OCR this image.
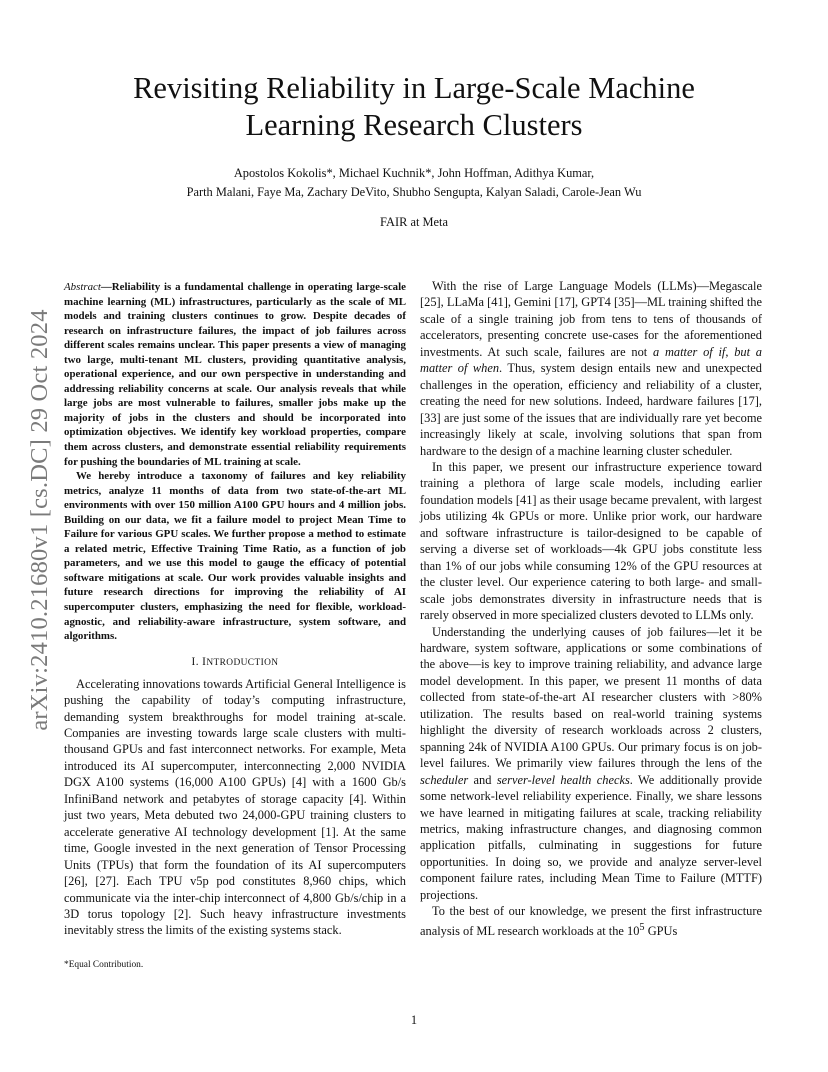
arXiv:2410.21680v1 [cs.DC] 29 Oct 2024
Revisiting Reliability in Large-Scale Machine Learning Research Clusters
Apostolos Kokolis*, Michael Kuchnik*, John Hoffman, Adithya Kumar,
Parth Malani, Faye Ma, Zachary DeVito, Shubho Sengupta, Kalyan Saladi, Carole-Jean Wu
FAIR at Meta

Abstract—Reliability is a fundamental challenge in operating large-scale machine learning (ML) infrastructures, particularly as the scale of ML models and training clusters continues to grow. Despite decades of research on infrastructure failures, the impact of job failures across different scales remains unclear. This paper presents a view of managing two large, multi-tenant ML clusters, providing quantitative analysis, operational experience, and our own perspective in understanding and addressing reliability concerns at scale. Our analysis reveals that while large jobs are most vulnerable to failures, smaller jobs make up the majority of jobs in the clusters and should be incorporated into optimization objectives. We identify key workload properties, compare them across clusters, and demonstrate essential reliability requirements for pushing the boundaries of ML training at scale.

We hereby introduce a taxonomy of failures and key reliability metrics, analyze 11 months of data from two state-of-the-art ML environments with over 150 million A100 GPU hours and 4 million jobs. Building on our data, we fit a failure model to project Mean Time to Failure for various GPU scales. We further propose a method to estimate a related metric, Effective Training Time Ratio, as a function of job parameters, and we use this model to gauge the efficacy of potential software mitigations at scale. Our work provides valuable insights and future research directions for improving the reliability of AI supercomputer clusters, emphasizing the need for flexible, workload-agnostic, and reliability-aware infrastructure, system software, and algorithms.

I. INTRODUCTION

Accelerating innovations towards Artificial General Intelligence is pushing the capability of today’s computing infrastructure, demanding system breakthroughs for model training at-scale. Companies are investing towards large scale clusters with multi-thousand GPUs and fast interconnect networks. For example, Meta introduced its AI supercomputer, interconnecting 2,000 NVIDIA DGX A100 systems (16,000 A100 GPUs) [4] with a 1600 Gb/s InfiniBand network and petabytes of storage capacity [4]. Within just two years, Meta debuted two 24,000-GPU training clusters to accelerate generative AI technology development [1]. At the same time, Google invested in the next generation of Tensor Processing Units (TPUs) that form the foundation of its AI supercomputers [26], [27]. Each TPU v5p pod constitutes 8,960 chips, which communicate via the inter-chip interconnect of 4,800 Gb/s/chip in a 3D torus topology [2]. Such heavy infrastructure investments inevitably stress the limits of the existing systems stack.

With the rise of Large Language Models (LLMs)—Megascale [25], LLaMa [41], Gemini [17], GPT4 [35]—ML training shifted the scale of a single training job from tens to tens of thousands of accelerators, presenting concrete use-cases for the aforementioned investments. At such scale, failures are not a matter of if, but a matter of when. Thus, system design entails new and unexpected challenges in the operation, efficiency and reliability of a cluster, creating the need for new solutions. Indeed, hardware failures [17], [33] are just some of the issues that are individually rare yet become increasingly likely at scale, involving solutions that span from hardware to the design of a machine learning cluster scheduler.

In this paper, we present our infrastructure experience toward training a plethora of large scale models, including earlier foundation models [41] as their usage became prevalent, with largest jobs utilizing 4k GPUs or more. Unlike prior work, our hardware and software infrastructure is tailor-designed to be capable of serving a diverse set of workloads—4k GPU jobs constitute less than 1% of our jobs while consuming 12% of the GPU resources at the cluster level. Our experience catering to both large- and small-scale jobs demonstrates diversity in infrastructure needs that is rarely observed in more specialized clusters devoted to LLMs only.

Understanding the underlying causes of job failures—let it be hardware, system software, applications or some combinations of the above—is key to improve training reliability, and advance large model development. In this paper, we present 11 months of data collected from state-of-the-art AI researcher clusters with >80% utilization. The results based on real-world training systems highlight the diversity of research workloads across 2 clusters, spanning 24k of NVIDIA A100 GPUs. Our primary focus is on job-level failures. We primarily view failures through the lens of the scheduler and server-level health checks. We additionally provide some network-level reliability experience. Finally, we share lessons we have learned in mitigating failures at scale, tracking reliability metrics, making infrastructure changes, and diagnosing common application pitfalls, culminating in suggestions for future opportunities. In doing so, we provide and analyze server-level component failure rates, including Mean Time to Failure (MTTF) projections.

To the best of our knowledge, we present the first infrastructure analysis of ML research workloads at the $10^5$ GPUs

*Equal Contribution.
1
